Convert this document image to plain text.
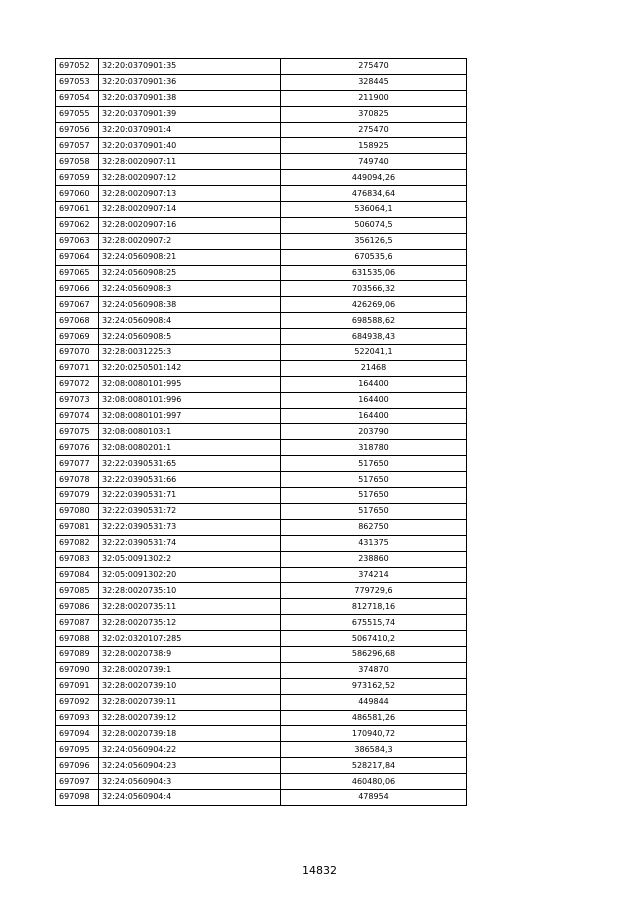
697052	32:20:0370901:35	275470
697053	32:20:0370901:36	328445
697054	32:20:0370901:38	211900
697055	32:20:0370901:39	370825
697056	32:20:0370901:4	275470
697057	32:20:0370901:40	158925
697058	32:28:0020907:11	749740
697059	32:28:0020907:12	449094,26
697060	32:28:0020907:13	476834,64
697061	32:28:0020907:14	536064,1
697062	32:28:0020907:16	506074,5
697063	32:28:0020907:2	356126,5
697064	32:24:0560908:21	670535,6
697065	32:24:0560908:25	631535,06
697066	32:24:0560908:3	703566,32
697067	32:24:0560908:38	426269,06
697068	32:24:0560908:4	698588,62
697069	32:24:0560908:5	684938,43
697070	32:28:0031225:3	522041,1
697071	32:20:0250501:142	21468
697072	32:08:0080101:995	164400
697073	32:08:0080101:996	164400
697074	32:08:0080101:997	164400
697075	32:08:0080103:1	203790
697076	32:08:0080201:1	318780
697077	32:22:0390531:65	517650
697078	32:22:0390531:66	517650
697079	32:22:0390531:71	517650
697080	32:22:0390531:72	517650
697081	32:22:0390531:73	862750
697082	32:22:0390531:74	431375
697083	32:05:0091302:2	238860
697084	32:05:0091302:20	374214
697085	32:28:0020735:10	779729,6
697086	32:28:0020735:11	812718,16
697087	32:28:0020735:12	675515,74
697088	32:02:0320107:285	5067410,2
697089	32:28:0020738:9	586296,68
697090	32:28:0020739:1	374870
697091	32:28:0020739:10	973162,52
697092	32:28:0020739:11	449844
697093	32:28:0020739:12	486581,26
697094	32:28:0020739:18	170940,72
697095	32:24:0560904:22	386584,3
697096	32:24:0560904:23	528217,84
697097	32:24:0560904:3	460480,06
697098	32:24:0560904:4	478954
14832
